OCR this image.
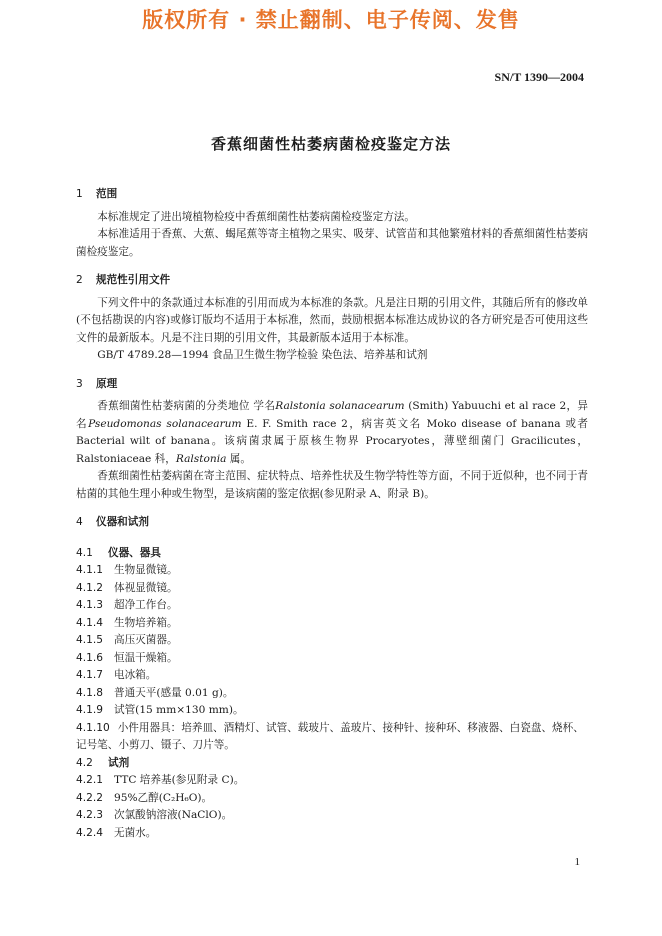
版权所有 · 禁止翻制、电子传阅、发售
SN/T 1390—2004
香蕉细菌性枯萎病菌检疫鉴定方法
1 范围

本标准规定了进出境植物检疫中香蕉细菌性枯萎病菌检疫鉴定方法。

本标准适用于香蕉、大蕉、蝎尾蕉等寄主植物之果实、吸芽、试管苗和其他繁殖材料的香蕉细菌性枯萎病菌检疫鉴定。

2 规范性引用文件

下列文件中的条款通过本标准的引用而成为本标准的条款。凡是注日期的引用文件，其随后所有的修改单(不包括勘误的内容)或修订版均不适用于本标准，然而，鼓励根据本标准达成协议的各方研究是否可使用这些文件的最新版本。凡是不注日期的引用文件，其最新版本适用于本标准。

GB/T 4789.28—1994 食品卫生微生物学检验 染色法、培养基和试剂

3 原理

香蕉细菌性枯萎病菌的分类地位 学名Ralstonia solanacearum (Smith) Yabuuchi et al race 2，异名Pseudomonas solanacearum E. F. Smith race 2，病害英文名 Moko disease of banana 或者 Bacterial wilt of banana。该病菌隶属于原核生物界 Procaryotes，薄壁细菌门 Gracilicutes，Ralstoniaceae 科，Ralstonia 属。

香蕉细菌性枯萎病菌在寄主范围、症状特点、培养性状及生物学特性等方面，不同于近似种，也不同于青枯菌的其他生理小种或生物型，是该病菌的鉴定依据(参见附录 A、附录 B)。

4 仪器和试剂
4.1 仪器、器具
4.1.1 生物显微镜。
4.1.2 体视显微镜。
4.1.3 超净工作台。
4.1.4 生物培养箱。
4.1.5 高压灭菌器。
4.1.6 恒温干燥箱。
4.1.7 电冰箱。
4.1.8 普通天平(感量 0.01 g)。
4.1.9 试管(15 mm×130 mm)。
4.1.10 小件用器具：培养皿、酒精灯、试管、载玻片、盖玻片、接种针、接种环、移液器、白瓷盘、烧杯、记号笔、小剪刀、镊子、刀片等。
4.2 试剂
4.2.1 TTC 培养基(参见附录 C)。
4.2.2 95%乙醇(C₂H₆O)。
4.2.3 次氯酸钠溶液(NaClO)。
4.2.4 无菌水。
1
